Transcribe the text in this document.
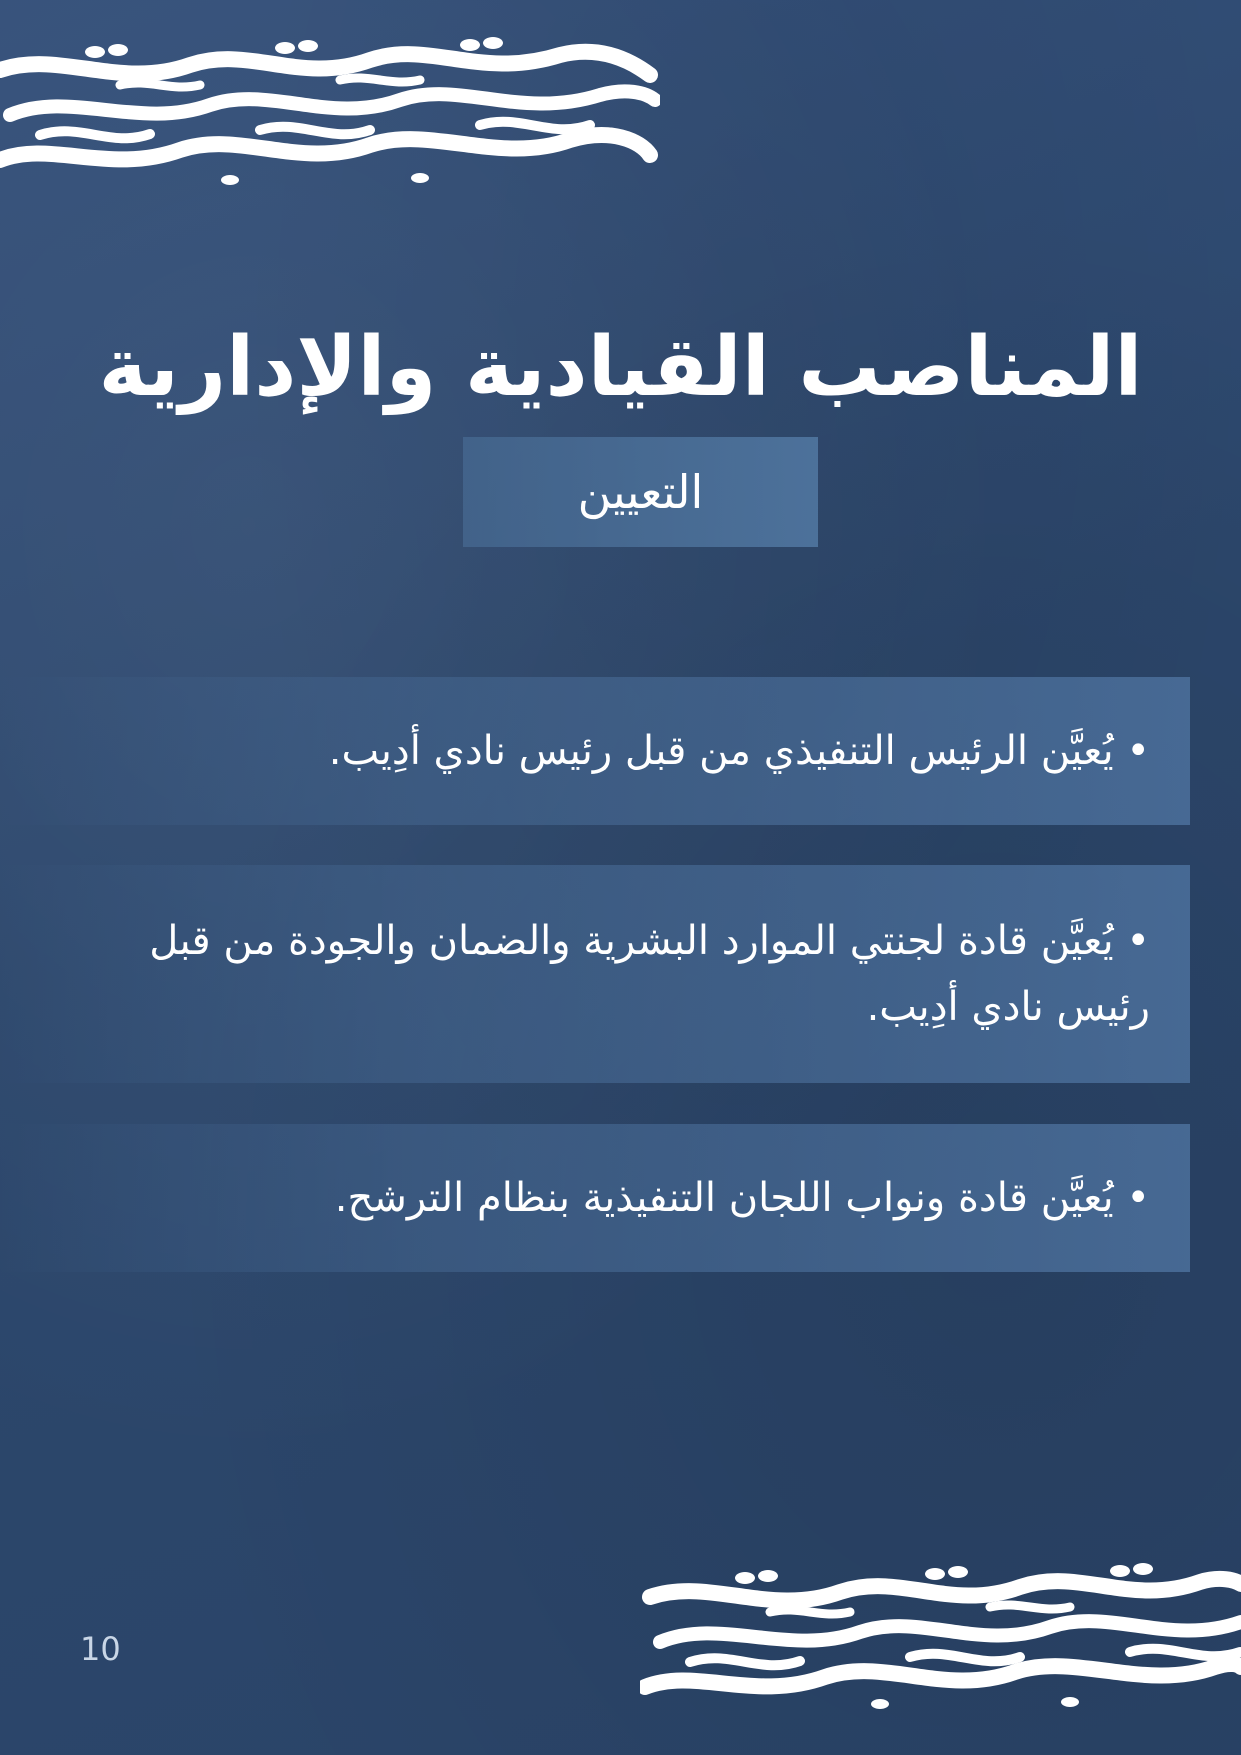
المناصب القيادية والإدارية
التعيين
• يُعيَّن الرئيس التنفيذي من قبل رئيس نادي أدِيب.
• يُعيَّن قادة لجنتي الموارد البشرية والضمان والجودة من قبل رئيس نادي أدِيب.
• يُعيَّن قادة ونواب اللجان التنفيذية بنظام الترشح.
10
